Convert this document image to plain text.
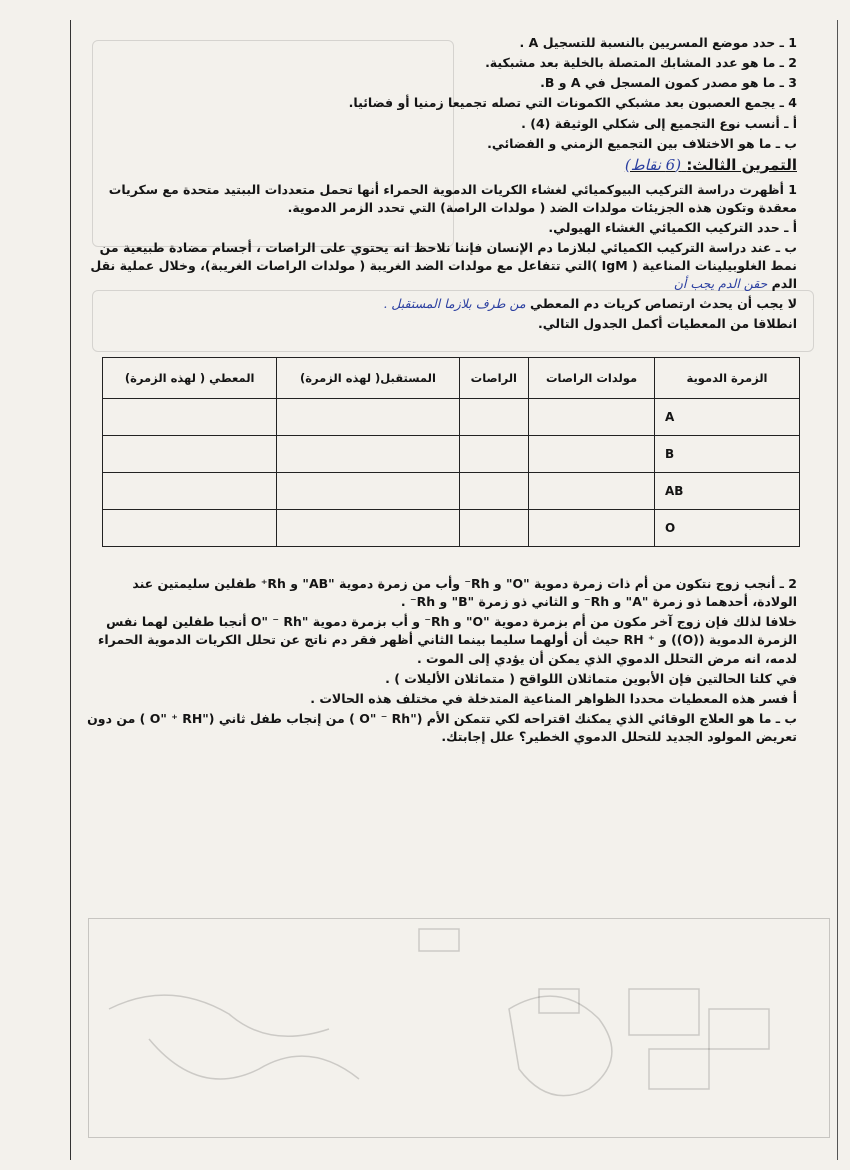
1 ـ حدد موضع المسريين بالنسبة للتسجيل A .
2 ـ ما هو عدد المشابك المتصلة بالخلية بعد مشبكية.
3 ـ ما هو مصدر كمون المسجل في A و B.
4 ـ يجمع العصبون بعد مشبكي الكمونات التي تصله تجميعا زمنيا أو فضائيا.
أ ـ أنسب نوع التجميع إلى شكلي الوثيقة (4) .
ب ـ ما هو الاختلاف بين التجميع الزمني و الفضائي.
التمرين الثالث: (6 نقاط)
1 أظهرت دراسة التركيب البيوكميائي لغشاء الكريات الدموية الحمراء أنها تحمل متعددات الببتيد متحدة مع سكريات معقدة وتكون هذه الجزيئات مولدات الضد ( مولدات الراصة) التي تحدد الزمر الدموية.
أ ـ حدد التركيب الكميائي الغشاء الهيولي.
ب ـ عند دراسة التركيب الكميائي لبلازما دم الإنسان فإننا نلاحظ انه يحتوي على الراصات ، أجسام مضادة طبيعية من نمط الغلوبيلينات المناعية ( IgM )التي تتفاعل مع مولدات الضد الغريبة ( مولدات الراصات الغريبة)، وخلال عملية نقل الدم حقن الدم يجب أن
لا يجب أن يحدث ارتصاص كريات دم المعطي من طرف بلازما المستقبل .
انطلاقا من المعطيات أكمل الجدول التالي.
الزمرة الدموية	مولدات الراصات	الراصات	المستقبل( لهذه الزمرة)	المعطي ( لهذه الزمرة)
A				
B				
AB				
O				
2 ـ أنجب زوج نتكون من أم ذات زمرة دموية "O" و Rh⁻ وأب من زمرة دموية "AB" و Rh⁺ طفلين سليمتين عند الولادة، أحدهما ذو زمرة "A" و Rh⁻ و الثاني ذو زمرة "B" و Rh⁻ .
خلافا لذلك فإن زوج آخر مكون من أم بزمرة دموية "O" و Rh⁻ و أب بزمرة دموية "O" ⁻ Rh أنجبا طفلين لهما نفس الزمرة الدموية ((O)) و ⁺ RH حيث أن أولهما سليما بينما الثاني أظهر فقر دم ناتج عن تحلل الكريات الدموية الحمراء لدمه، انه مرض التحلل الدموي الذي يمكن أن يؤدي إلى الموت .
في كلتا الحالتين فإن الأبوين متماثلان اللواقح ( متماثلان الأليلات ) .
أ فسر هذه المعطيات محددا الظواهر المناعية المتدخلة في مختلف هذه الحالات .
ب ـ ما هو العلاج الوقائي الذي يمكنك اقتراحه لكي تتمكن الأم ("O" ⁻ Rh ) من إنجاب طفل ثاني ("O" ⁺ RH ) من دون تعريض المولود الجديد للتحلل الدموي الخطير؟ علل إجابتك.
